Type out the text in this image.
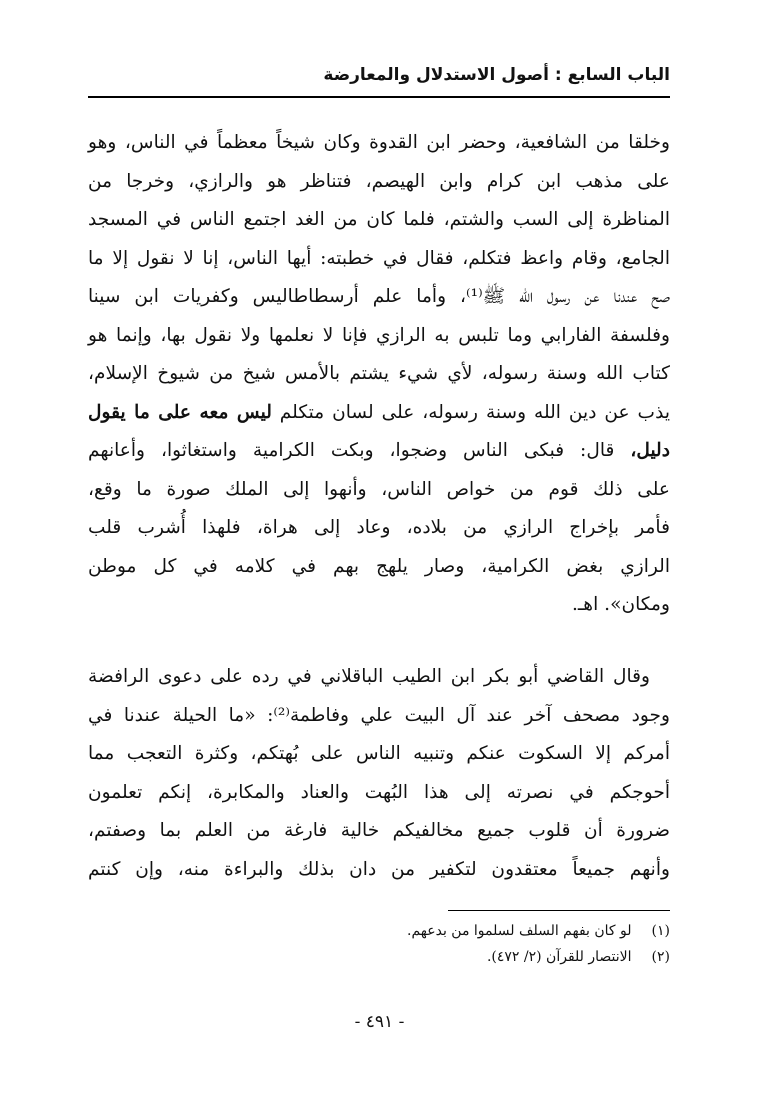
الباب السابع : أصول الاستدلال والمعارضة
وخلقا من الشافعية، وحضر ابن القدوة وكان شيخاً معظماً في الناس، وهو
على مذهب ابن كرام وابن الهيصم، فتناظر هو والرازي، وخرجا من
المناظرة إلى السب والشتم، فلما كان من الغد اجتمع الناس في المسجد
الجامع، وقام واعظ فتكلم، فقال في خطبته: أيها الناس، إنا لا نقول إلا ما
صح عندنا عن رسول الله ﷺ⁽¹⁾، وأما علم أرسطاطاليس وكفريات ابن سينا
وفلسفة الفارابي وما تلبس به الرازي فإنا لا نعلمها ولا نقول بها، وإنما هو
كتاب الله وسنة رسوله، لأي شيء يشتم بالأمس شيخ من شيوخ الإسلام،
يذب عن دين الله وسنة رسوله، على لسان متكلم ليس معه على ما يقول
دليل، قال: فبكى الناس وضجوا، وبكت الكرامية واستغاثوا، وأعانهم
على ذلك قوم من خواص الناس، وأنهوا إلى الملك صورة ما وقع،
فأمر بإخراج الرازي من بلاده، وعاد إلى هراة، فلهذا أُشرب قلب
الرازي بغض الكرامية، وصار يلهج بهم في كلامه في كل موطن
ومكان». اهـ.
وقال القاضي أبو بكر ابن الطيب الباقلاني في رده على دعوى الرافضة
وجود مصحف آخر عند آل البيت علي وفاطمة⁽²⁾: «ما الحيلة عندنا في
أمركم إلا السكوت عنكم وتنبيه الناس على بُهتكم، وكثرة التعجب مما
أحوجكم في نصرته إلى هذا البُهت والعناد والمكابرة، إنكم تعلمون
ضرورة أن قلوب جميع مخالفيكم خالية فارغة من العلم بما وصفتم،
وأنهم جميعاً معتقدون لتكفير من دان بذلك والبراءة منه، وإن كنتم
(١) لو كان بفهم السلف لسلموا من بدعهم.
(٢) الانتصار للقرآن (٢/ ٤٧٢).
- ٤٩١ -
